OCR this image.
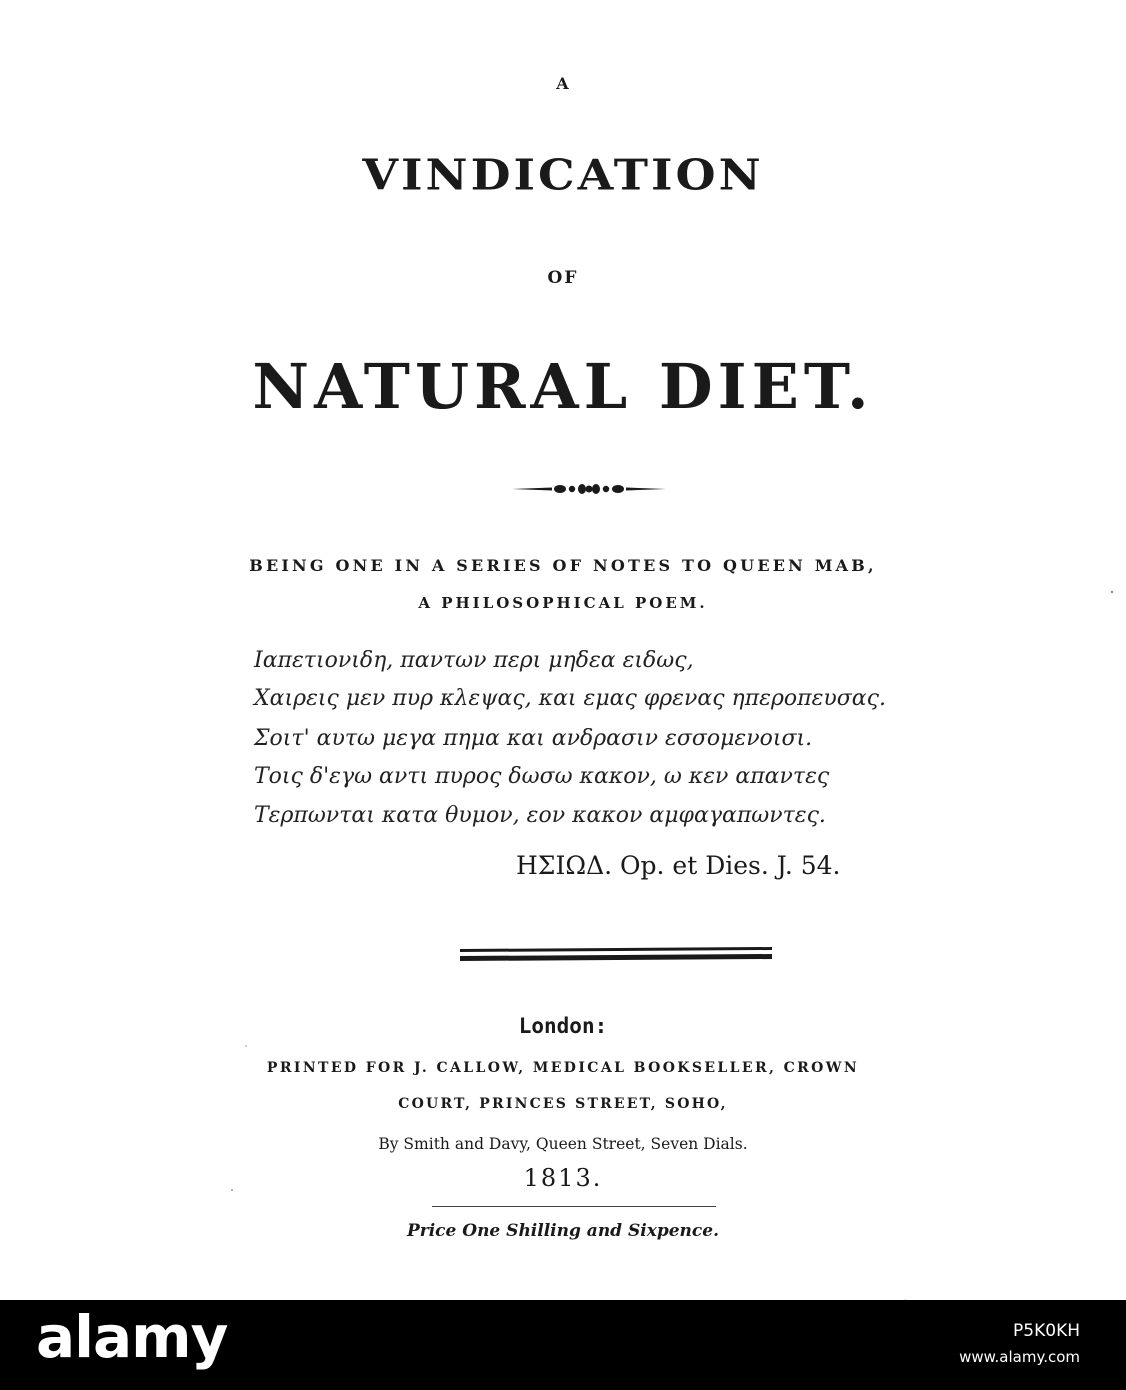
A
VINDICATION
OF
NATURAL DIET.
BEING ONE IN A SERIES OF NOTES TO QUEEN MAB,
A PHILOSOPHICAL POEM.
Ιαπετιονιδη, παντων περι μηδεα ειδως,
Χαιρεις μεν πυρ κλεψας, και εμας φρενας ηπεροπευσας.
Σοιτ' αυτω μεγα πημα και ανδρασιν εσσομενοισι.
Τοις δ'εγω αντι πυρος δωσω κακον, ω κεν απαντες
Τερπωνται κατα θυμον, εον κακον αμφαγαπωντες.
ΗΣΙΩΔ. Op. et Dies. J. 54.
London:
PRINTED FOR J. CALLOW, MEDICAL BOOKSELLER, CROWN
COURT, PRINCES STREET, SOHO,
By Smith and Davy, Queen Street, Seven Dials.
1813.
Price One Shilling and Sixpence.
alamy	P5K0KH
www.alamy.com
